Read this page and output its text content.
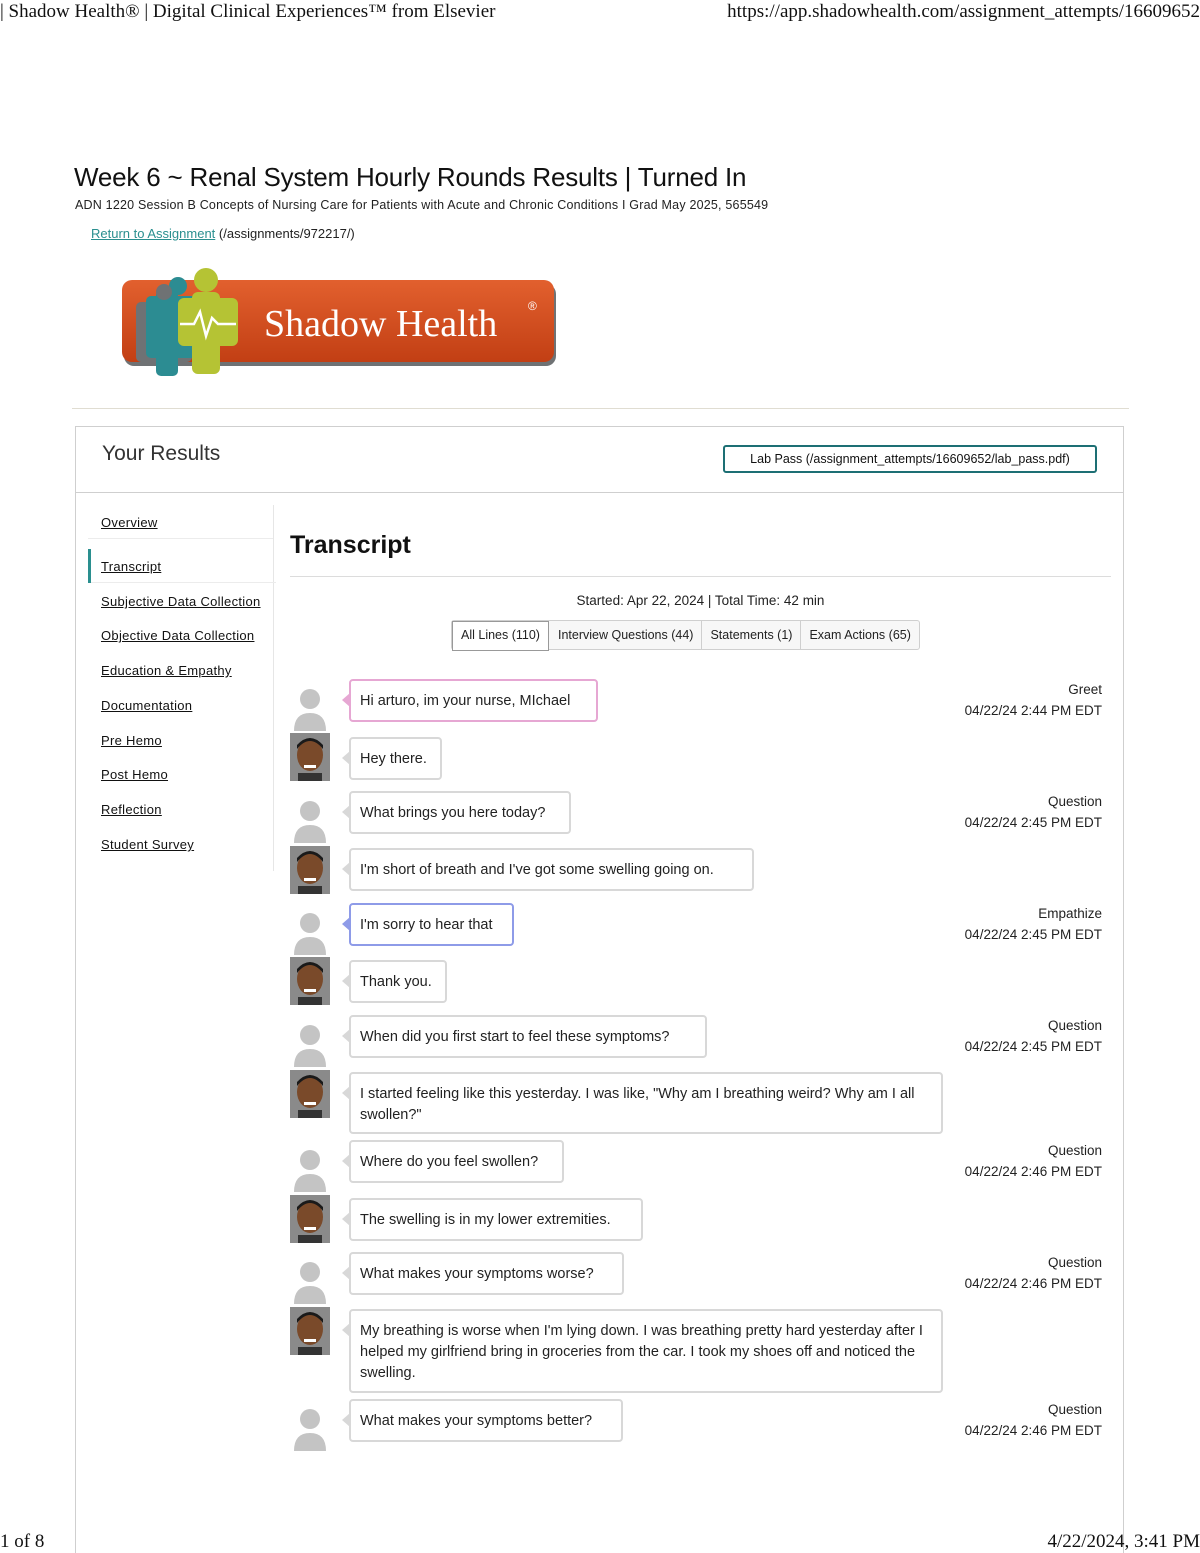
| Shadow Health® | Digital Clinical Experiences™ from Elsevier	https://app.shadowhealth.com/assignment_attempts/16609652
Week 6 ~ Renal System Hourly Rounds Results | Turned In
ADN 1220 Session B Concepts of Nursing Care for Patients with Acute and Chronic Conditions I Grad May 2025, 565549
Return to Assignment (/assignments/972217/)
Shadow Health	®
Your Results	Lab Pass (/assignment_attempts/16609652/lab_pass.pdf)
Overview
Transcript
Subjective Data Collection
Objective Data Collection
Education & Empathy
Documentation
Pre Hemo
Post Hemo
Reflection
Student Survey
Transcript
Started: Apr 22, 2024 | Total Time: 42 min
All Lines (110)	Interview Questions (44)	Statements (1)	Exam Actions (65)
Hi arturo, im your nurse, MIchael
Greet
04/22/24 2:44 PM EDT
Hey there.
What brings you here today?
Question
04/22/24 2:45 PM EDT
I'm short of breath and I've got some swelling going on.
I'm sorry to hear that
Empathize
04/22/24 2:45 PM EDT
Thank you.
When did you first start to feel these symptoms?
Question
04/22/24 2:45 PM EDT
I started feeling like this yesterday. I was like, "Why am I breathing weird? Why am I all swollen?"
Where do you feel swollen?
Question
04/22/24 2:46 PM EDT
The swelling is in my lower extremities.
What makes your symptoms worse?
Question
04/22/24 2:46 PM EDT
My breathing is worse when I'm lying down. I was breathing pretty hard yesterday after I helped my girlfriend bring in groceries from the car. I took my shoes off and noticed the swelling.
What makes your symptoms better?
Question
04/22/24 2:46 PM EDT
1 of 8	4/22/2024, 3:41 PM
